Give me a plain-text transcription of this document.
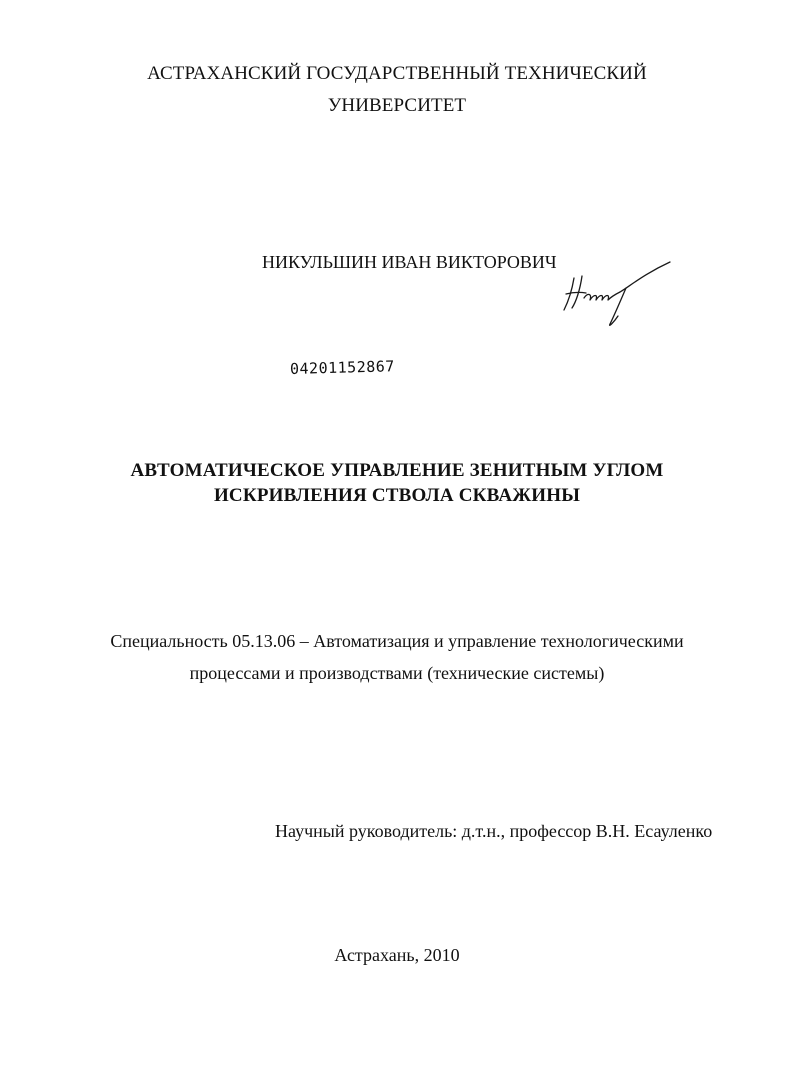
АСТРАХАНСКИЙ ГОСУДАРСТВЕННЫЙ ТЕХНИЧЕСКИЙ
УНИВЕРСИТЕТ
НИКУЛЬШИН ИВАН ВИКТОРОВИЧ
04201152867
АВТОМАТИЧЕСКОЕ УПРАВЛЕНИЕ ЗЕНИТНЫМ УГЛОМ
ИСКРИВЛЕНИЯ СТВОЛА СКВАЖИНЫ
Специальность 05.13.06 – Автоматизация и управление технологическими
процессами и производствами (технические системы)
Научный руководитель: д.т.н., профессор В.Н. Есауленко
Астрахань, 2010
